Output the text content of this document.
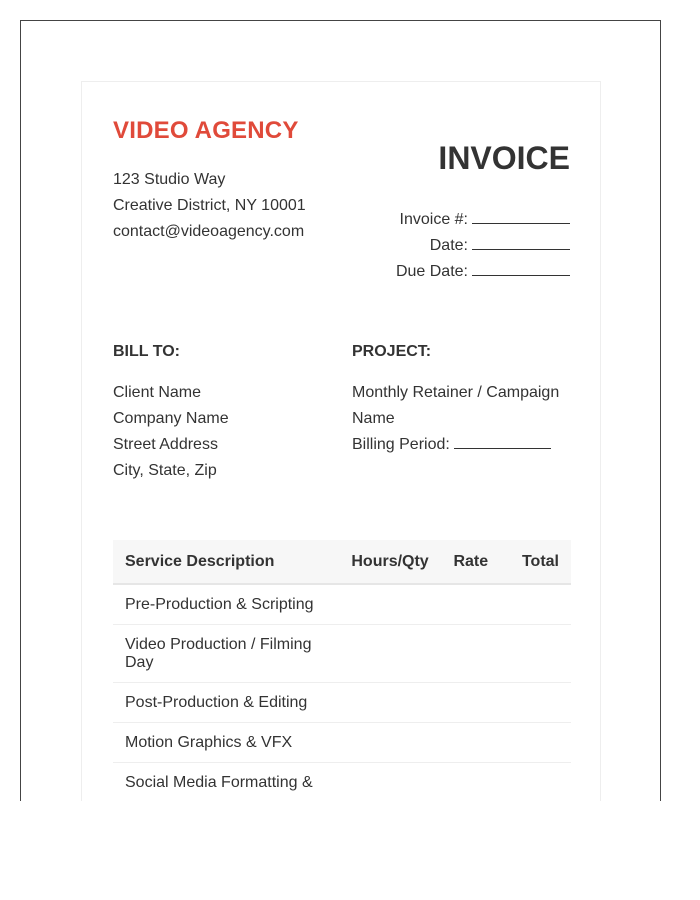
VIDEO AGENCY
123 Studio Way
Creative District, NY 10001
contact@videoagency.com
INVOICE
Invoice #:
Date:
Due Date:
BILL TO:
Client Name
Company Name
Street Address
City, State, Zip
PROJECT:
Monthly Retainer / Campaign Name
Billing Period:
Service Description	Hours/Qty	Rate	Total
Pre-Production & Scripting			
Video Production / Filming Day			
Post-Production & Editing			
Motion Graphics & VFX			
Social Media Formatting &			
